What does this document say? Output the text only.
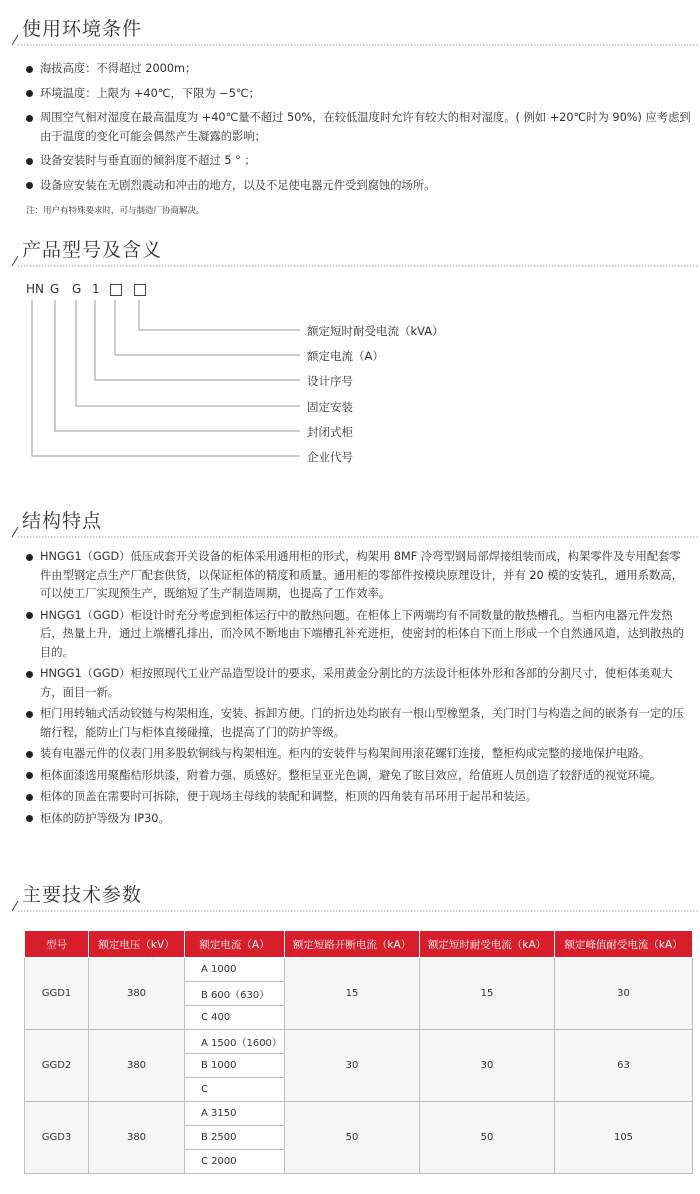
使用环境条件
海拔高度：不得超过 2000m；
环境温度：上限为 +40℃，下限为 −5℃；
周围空气相对湿度在最高温度为 +40℃量不超过 50%，在较低温度时允许有较大的相对湿度。( 例如 +20℃时为 90%) 应考虑到由于温度的变化可能会偶然产生凝露的影响；
设备安装时与垂直面的倾斜度不超过 5 ° ；
设备应安装在无剧烈震动和冲击的地方，以及不足使电器元件受到腐蚀的场所。
注：用户有特殊要求时，可与制造厂协商解决。
产品型号及含义
HN G G 1
额定短时耐受电流（kVA）
额定电流（A）
设计序号
固定安装
封闭式柜
企业代号
结构特点
HNGG1（GGD）低压成套开关设备的柜体采用通用柜的形式，构架用 8MF 冷弯型钢局部焊接组装而成，构架零件及专用配套零件由型钢定点生产厂配套供货，以保证柜体的精度和质量。通用柜的零部件按模块原理设计，并有 20 模的安装孔，通用系数高，可以使工厂实现预生产，既缩短了生产制造周期，也提高了工作效率。
HNGG1（GGD）柜设计时充分考虑到柜体运行中的散热问题。在柜体上下两端均有不同数量的散热槽孔。当柜内电器元件发热后，热量上升，通过上端槽孔排出，而冷风不断地由下端槽孔补充进柜，使密封的柜体自下而上形成一个自然通风道，达到散热的目的。
HNGG1（GGD）柜按照现代工业产品造型设计的要求，采用黄金分割比的方法设计柜体外形和各部的分割尺寸，使柜体美观大方，面目一新。
柜门用转轴式活动铰链与构架相连，安装、拆卸方便。门的折边处均嵌有一根山型橡塑条，关门时门与构造之间的嵌条有一定的压缩行程，能防止门与柜体直接碰撞，也提高了门的防护等级。
装有电器元件的仪表门用多股软铜线与构架相连。柜内的安装件与构架间用滚花螺钉连接，整柜构成完整的接地保护电路。
柜体面漆选用聚酯桔形烘漆，附着力强、质感好。整柜呈亚光色调，避免了眩目效应，给值班人员创造了较舒适的视觉环境。
柜体的顶盖在需要时可拆除，便于现场主母线的装配和调整，柜顶的四角装有吊环用于起吊和装运。
柜体的防护等级为 IP30。
主要技术参数
型号	额定电压（kV）	额定电流（A）	额定短路开断电流（kA）	额定短时耐受电流（kA）	额定峰值耐受电流（kA）
GGD1	380	A 1000	15	15	30
		B 600（630）			
		C 400			
GGD2	380	A 1500（1600）	30	30	63
		B 1000			
		C			
GGD3	380	A 3150	50	50	105
		B 2500			
		C 2000			
